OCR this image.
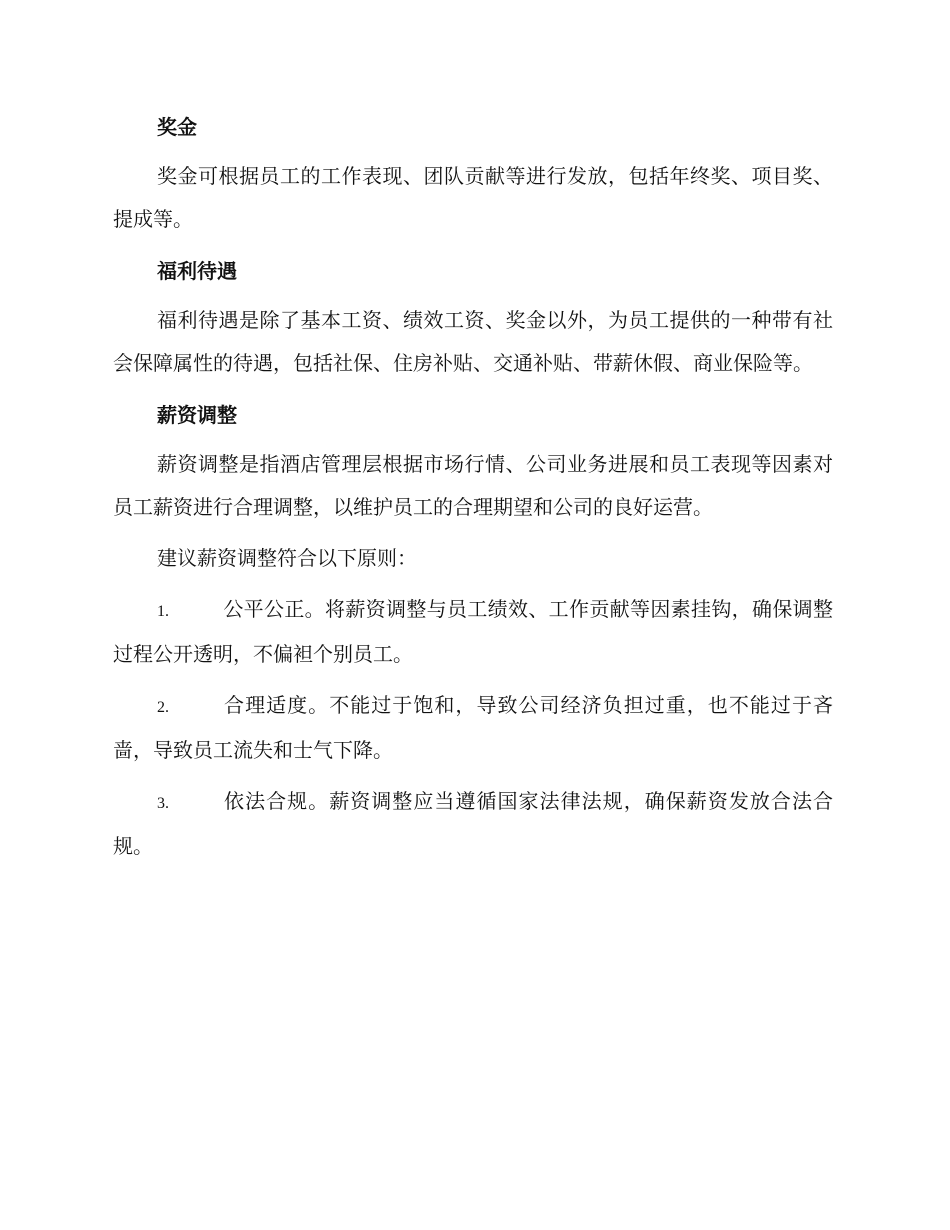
奖金

奖金可根据员工的工作表现、团队贡献等进行发放，包括年终奖、项目奖、提成等。

福利待遇

福利待遇是除了基本工资、绩效工资、奖金以外，为员工提供的一种带有社会保障属性的待遇，包括社保、住房补贴、交通补贴、带薪休假、商业保险等。

薪资调整

薪资调整是指酒店管理层根据市场行情、公司业务进展和员工表现等因素对员工薪资进行合理调整，以维护员工的合理期望和公司的良好运营。

建议薪资调整符合以下原则：

1.	公平公正。将薪资调整与员工绩效、工作贡献等因素挂钩，确保调整过程公开透明，不偏袒个别员工。
2.	合理适度。不能过于饱和，导致公司经济负担过重，也不能过于吝啬，导致员工流失和士气下降。
3.	依法合规。薪资调整应当遵循国家法律法规，确保薪资发放合法合规。
